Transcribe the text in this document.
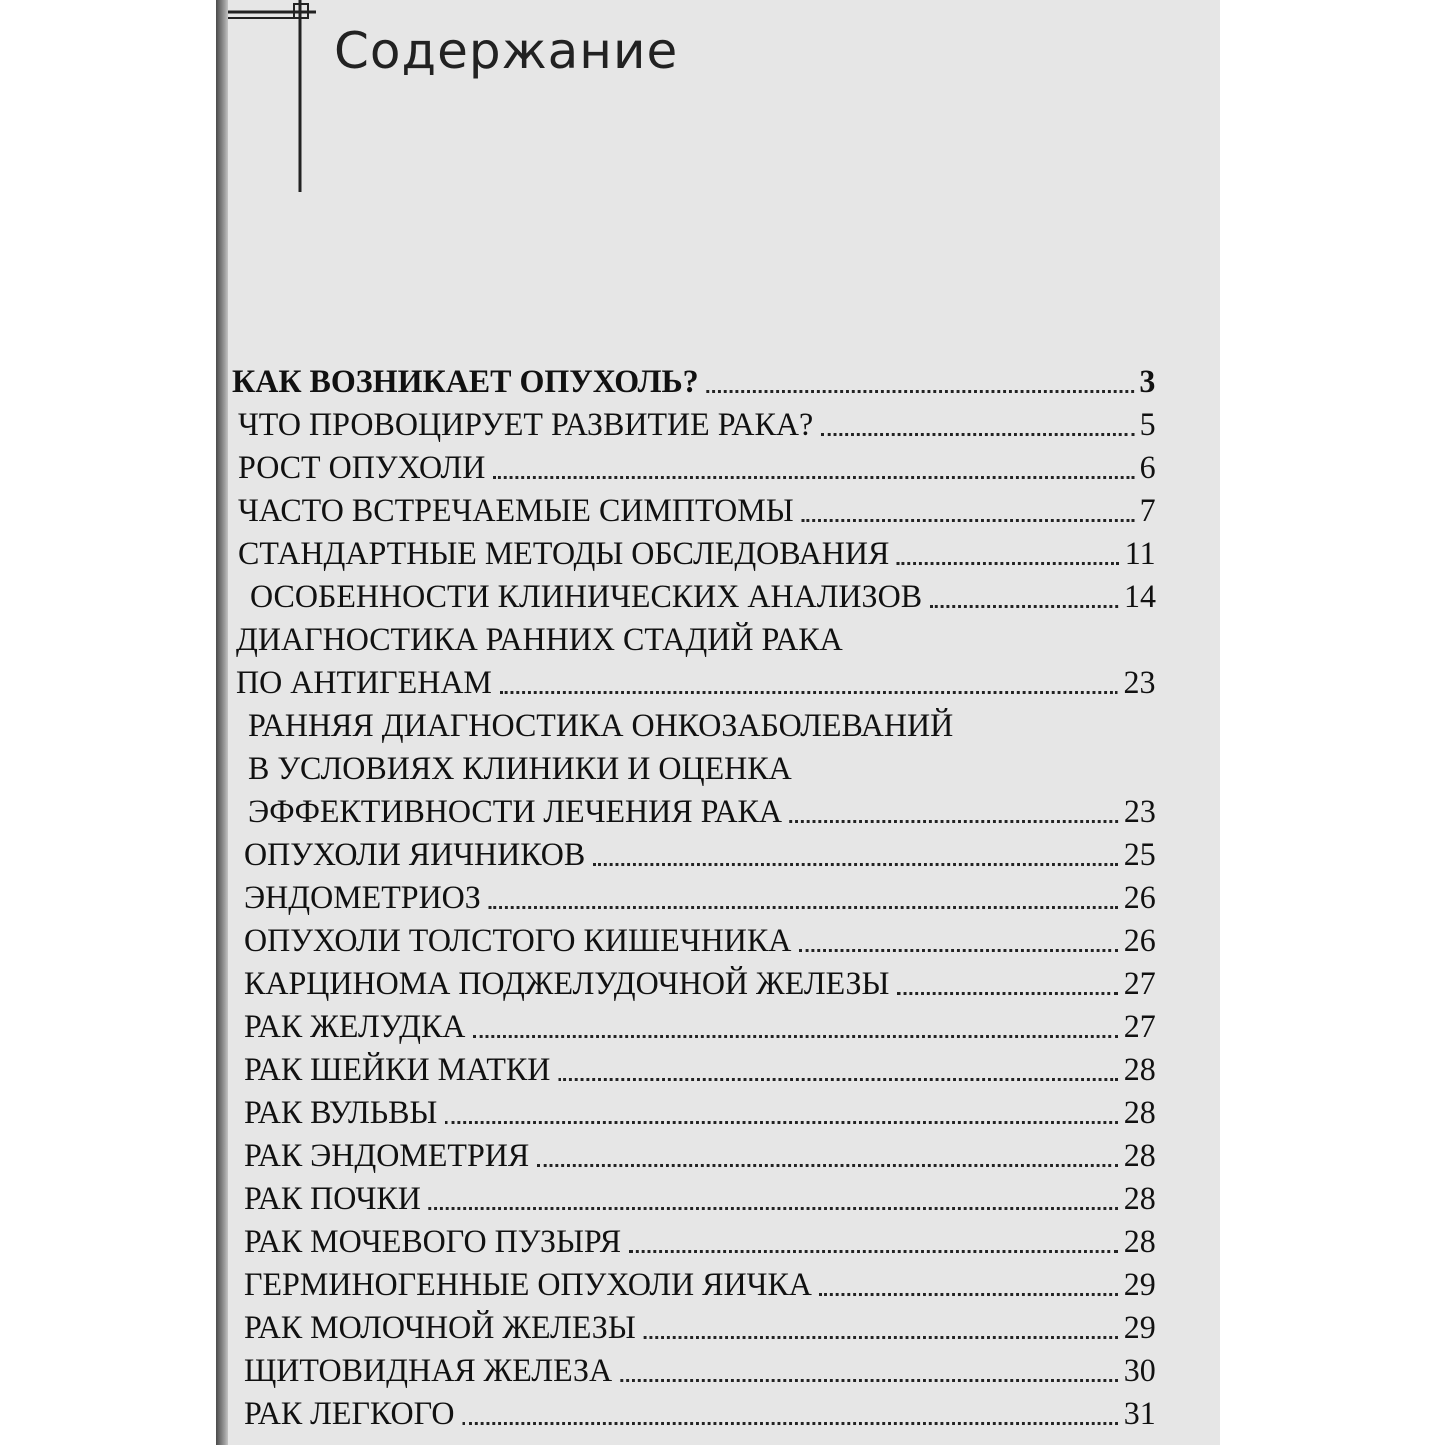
Содержание
КАК ВОЗНИКАЕТ ОПУХОЛЬ?	3
ЧТО ПРОВОЦИРУЕТ РАЗВИТИЕ РАКА?	5
РОСТ ОПУХОЛИ	6
ЧАСТО ВСТРЕЧАЕМЫЕ СИМПТОМЫ	7
СТАНДАРТНЫЕ МЕТОДЫ ОБСЛЕДОВАНИЯ	11
ОСОБЕННОСТИ КЛИНИЧЕСКИХ АНАЛИЗОВ	14
ДИАГНОСТИКА РАННИХ СТАДИЙ РАКА
ПО АНТИГЕНАМ	23
РАННЯЯ ДИАГНОСТИКА ОНКОЗАБОЛЕВАНИЙ
В УСЛОВИЯХ КЛИНИКИ И ОЦЕНКА
ЭФФЕКТИВНОСТИ ЛЕЧЕНИЯ РАКА	23
ОПУХОЛИ ЯИЧНИКОВ	25
ЭНДОМЕТРИОЗ	26
ОПУХОЛИ ТОЛСТОГО КИШЕЧНИКА	26
КАРЦИНОМА ПОДЖЕЛУДОЧНОЙ ЖЕЛЕЗЫ	27
РАК ЖЕЛУДКА	27
РАК ШЕЙКИ МАТКИ	28
РАК ВУЛЬВЫ	28
РАК ЭНДОМЕТРИЯ	28
РАК ПОЧКИ	28
РАК МОЧЕВОГО ПУЗЫРЯ	28
ГЕРМИНОГЕННЫЕ ОПУХОЛИ ЯИЧКА	29
РАК МОЛОЧНОЙ ЖЕЛЕЗЫ	29
ЩИТОВИДНАЯ ЖЕЛЕЗА	30
РАК ЛЕГКОГО	31
